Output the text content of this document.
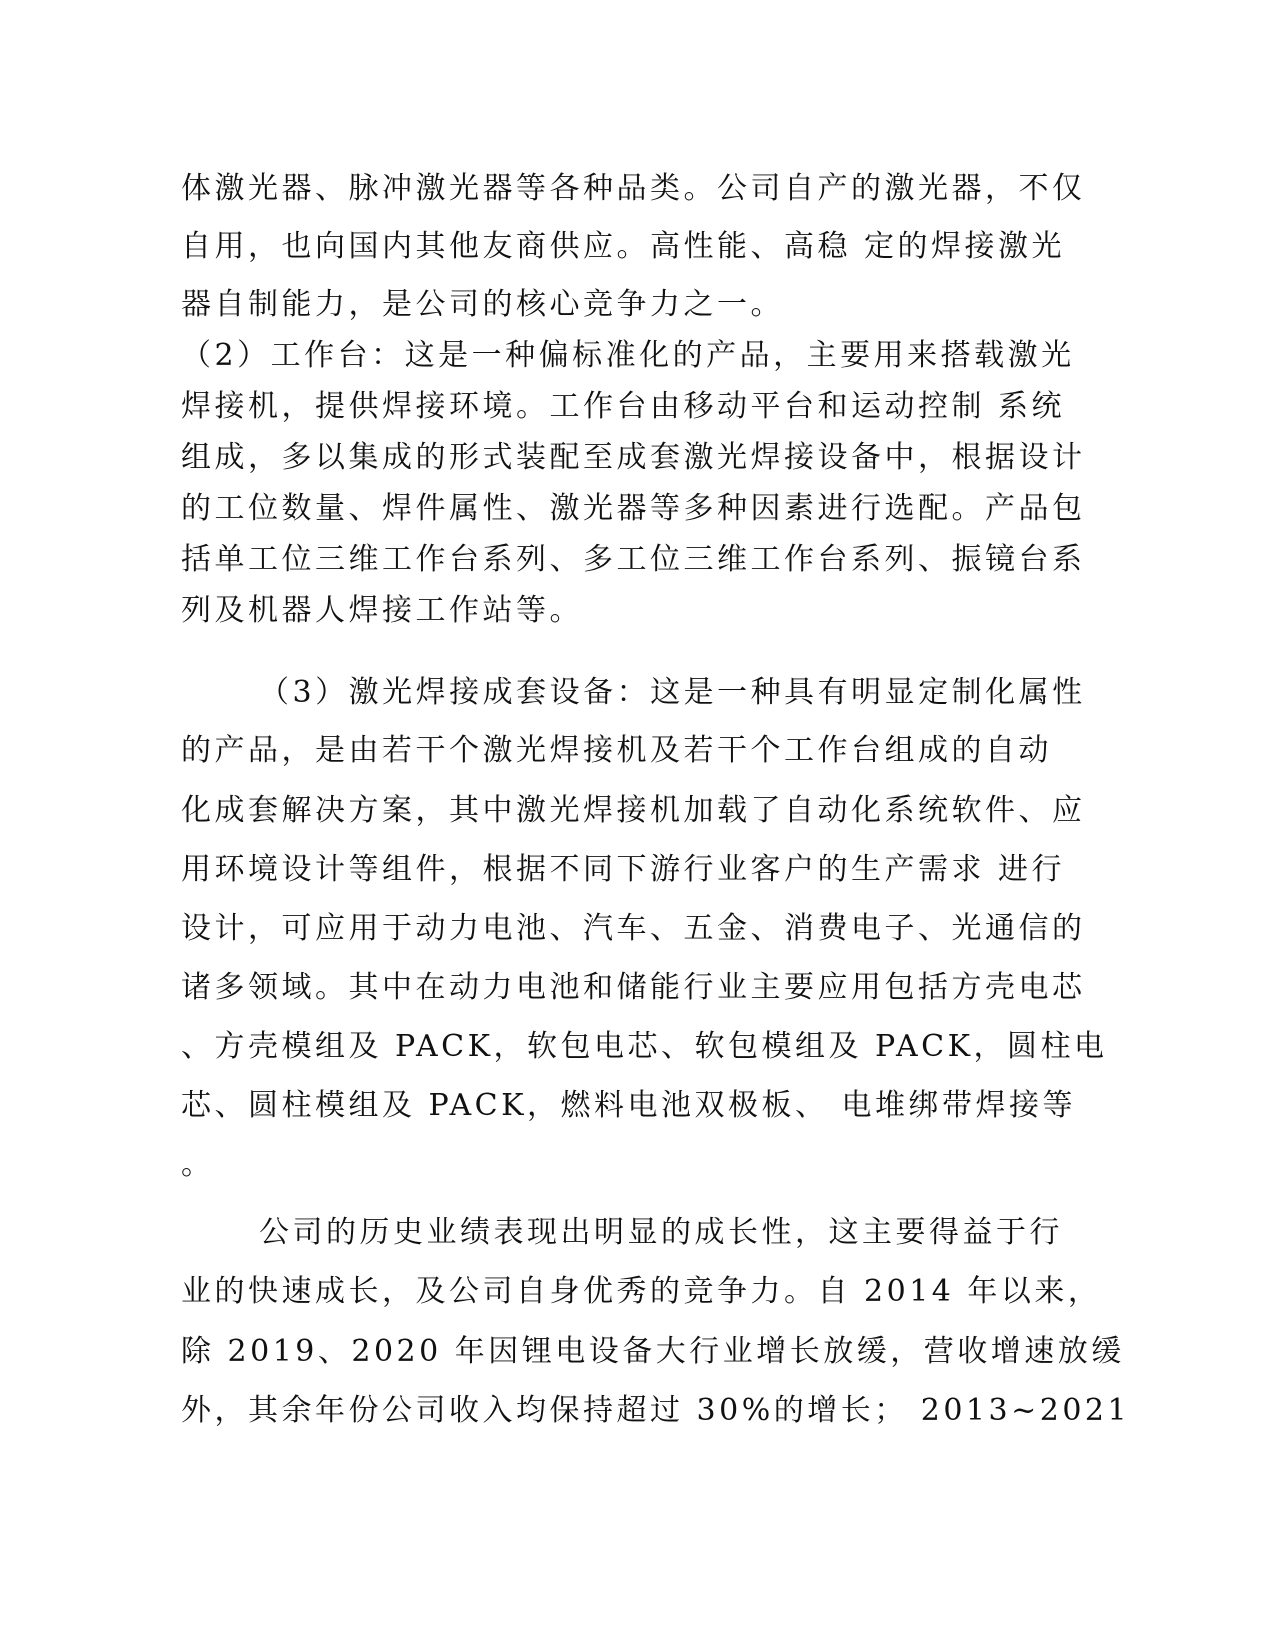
体激光器、脉冲激光器等各种品类。公司自产的激光器，不仅
自用，也向国内其他友商供应。高性能、高稳 定的焊接激光
器自制能力，是公司的核心竞争力之一。
（2）工作台：这是一种偏标准化的产品，主要用来搭载激光
焊接机，提供焊接环境。工作台由移动平台和运动控制 系统
组成，多以集成的形式装配至成套激光焊接设备中，根据设计
的工位数量、焊件属性、激光器等多种因素进行选配。产品包
括单工位三维工作台系列、多工位三维工作台系列、振镜台系
列及机器人焊接工作站等。
（3）激光焊接成套设备：这是一种具有明显定制化属性
的产品，是由若干个激光焊接机及若干个工作台组成的自动
化成套解决方案，其中激光焊接机加载了自动化系统软件、应
用环境设计等组件，根据不同下游行业客户的生产需求 进行
设计，可应用于动力电池、汽车、五金、消费电子、光通信的
诸多领域。其中在动力电池和储能行业主要应用包括方壳电芯
、方壳模组及 PACK，软包电芯、软包模组及 PACK，圆柱电
芯、圆柱模组及 PACK，燃料电池双极板、 电堆绑带焊接等
。
公司的历史业绩表现出明显的成长性，这主要得益于行
业的快速成长，及公司自身优秀的竞争力。自 2014 年以来，
除 2019、2020 年因锂电设备大行业增长放缓，营收增速放缓
外，其余年份公司收入均保持超过 30%的增长； 2013~2021
